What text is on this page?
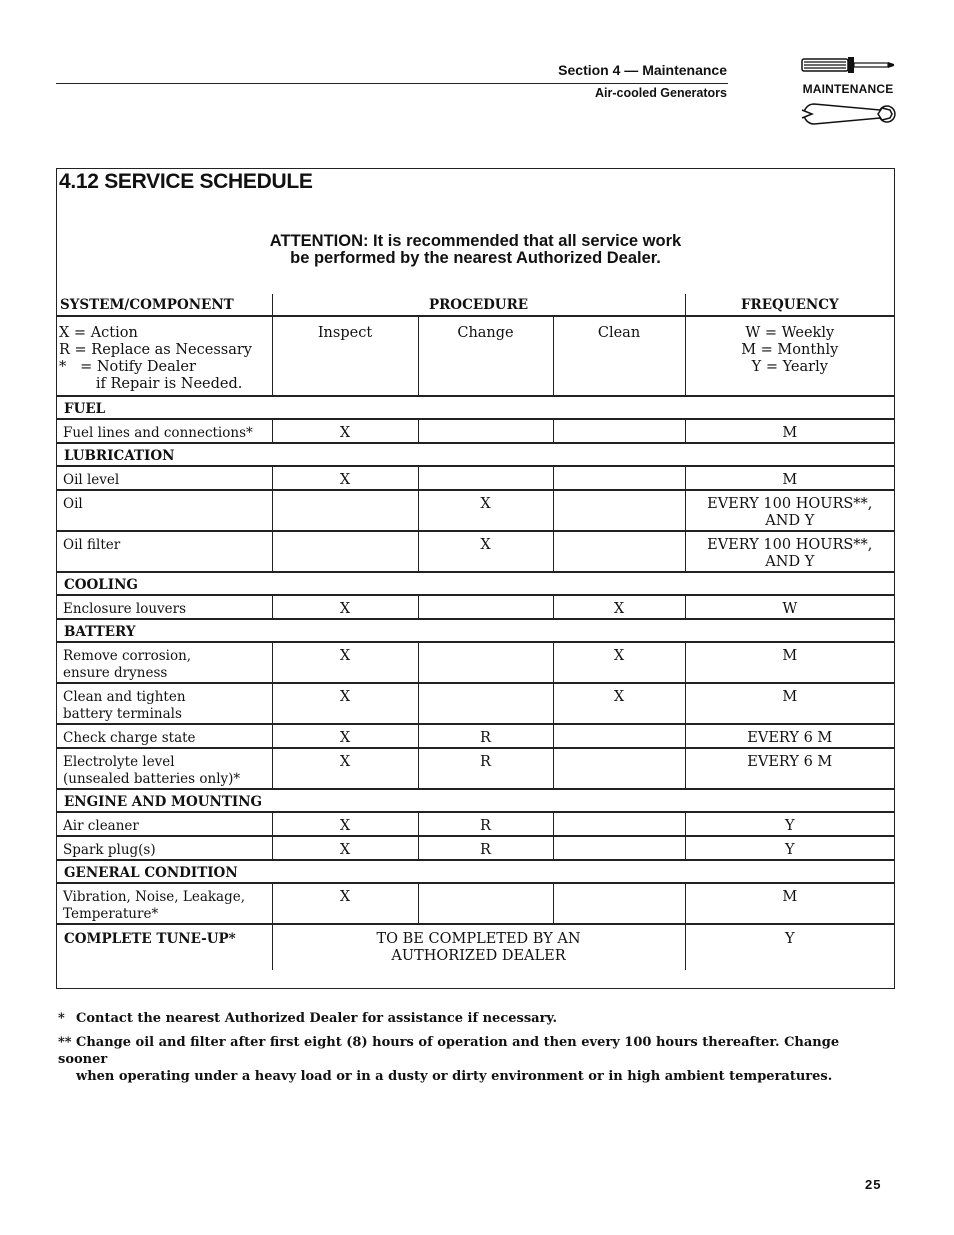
Section 4 — Maintenance
Air-cooled Generators	MAINTENANCE
4.12 SERVICE SCHEDULE
ATTENTION: It is recommended that all service work
be performed by the nearest Authorized Dealer.
SYSTEM/COMPONENT	PROCEDURE			FREQUENCY
X = Action
R = Replace as Necessary
*   = Notify Dealer
if Repair is Needed.	Inspect	Change	Clean	W = Weekly
M = Monthly
Y = Yearly
FUEL				
Fuel lines and connections*	X			M
LUBRICATION				
Oil level	X			M
Oil		X		EVERY 100 HOURS**,
AND Y
Oil filter		X		EVERY 100 HOURS**,
AND Y
COOLING				
Enclosure louvers	X		X	W
BATTERY				
Remove corrosion,
ensure dryness	X		X	M
Clean and tighten
battery terminals	X		X	M
Check charge state	X	R		EVERY 6 M
Electrolyte level
(unsealed batteries only)*	X	R		EVERY 6 M
ENGINE AND MOUNTING				
Air cleaner	X	R		Y
Spark plug(s)	X	R		Y
GENERAL CONDITION				
Vibration, Noise, Leakage,
Temperature*	X			M
COMPLETE TUNE-UP*	TO BE COMPLETED BY AN
AUTHORIZED DEALER			Y
* Contact the nearest Authorized Dealer for assistance if necessary.
** Change oil and filter after first eight (8) hours of operation and then every 100 hours thereafter. Change sooner
when operating under a heavy load or in a dusty or dirty environment or in high ambient temperatures.
25
